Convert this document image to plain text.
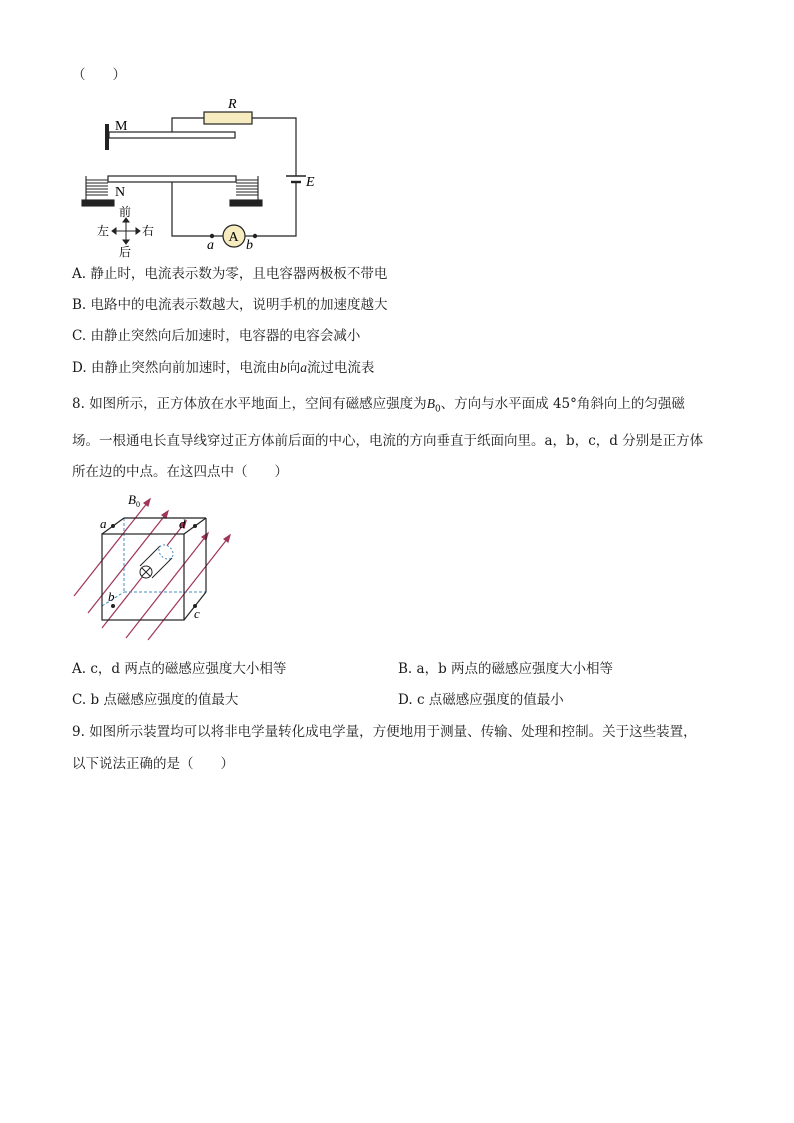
（　　）
M
R
E
N
A
a b
前
左	右
后
A. 静止时，电流表示数为零，且电容器两极板不带电
B. 电路中的电流表示数越大，说明手机的加速度越大
C. 由静止突然向后加速时，电容器的电容会减小
D. 由静止突然向前加速时，电流由b向a流过电流表
8. 如图所示，正方体放在水平地面上，空间有磁感应强度为$B_0$、方向与水平面成 45°角斜向上的匀强磁
场。一根通电长直导线穿过正方体前后面的中心，电流的方向垂直于纸面向里。a，b，c，d 分别是正方体
所在边的中点。在这四点中（　　）
a	d
b
c
$B_0$
A. c，d 两点的磁感应强度大小相等	B. a，b 两点的磁感应强度大小相等
C. b 点磁感应强度的值最大	D. c 点磁感应强度的值最小
9. 如图所示装置均可以将非电学量转化成电学量，方便地用于测量、传输、处理和控制。关于这些装置，
以下说法正确的是（　　）
